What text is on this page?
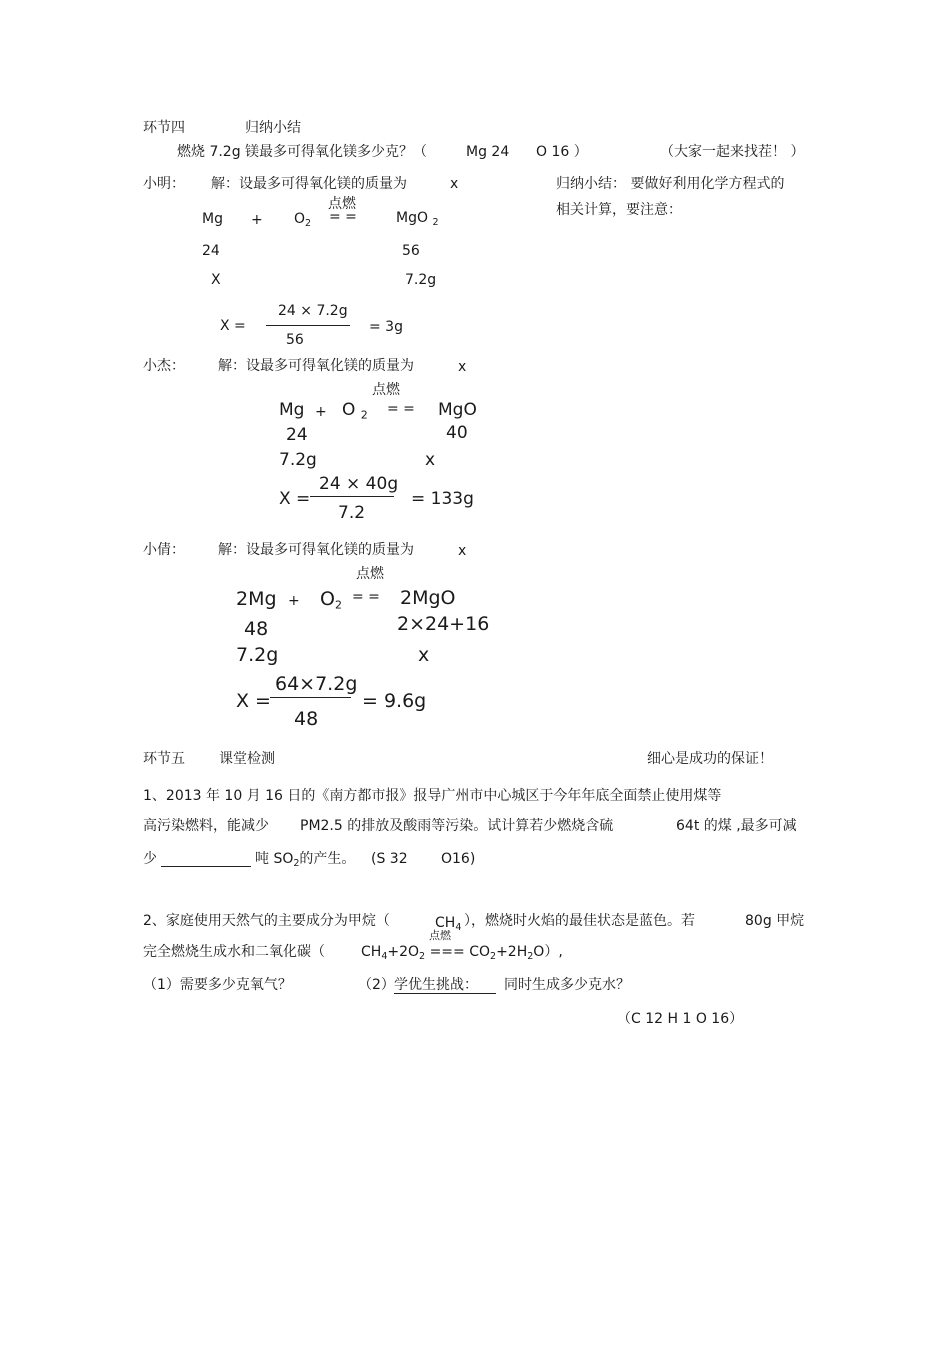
环节四	归纳小结
燃烧 7.2g 镁最多可得氧化镁多少克？（	Mg 24 O 16 ）	（大家一起来找茬！ ）
归纳小结： 要做好利用化学方程式的
相关计算，要注意：
小明： 解：设最多可得氧化镁的质量为	x
点燃
$Mg + O_2$ = =	MgO $_2$
24	56
X	7.2g
X =
24 × 7.2g
56
= 3g
小杰： 解：设最多可得氧化镁的质量为	x
点燃
Mg + O $_2$ = = MgO
24	40
7.2g	x
X =
24 × 40g
7.2
= 133g
小倩： 解：设最多可得氧化镁的质量为	x
点燃
$2Mg + O_2$ = = 2MgO
48	2×24+16
7.2g	x
X =
64×7.2g
48
= 9.6g
环节五 课堂检测	细心是成功的保证！
1、2013 年 10 月 16 日的《南方都市报》报导广州市中心城区于今年年底全面禁止使用煤等
高污染燃料，能减少 PM2.5 的排放及酸雨等污染。试计算若少燃烧含硫	64t 的煤 ,最多可减
少	吨 $SO_2$的产生。 (S 32 O16)
2、家庭使用天然气的主要成分为甲烷（	$CH_4$ ），燃烧时火焰的最佳状态是蓝色。若	80g 甲烷
完全燃烧生成水和二氧化碳（
点燃
$CH_4+2O_2$ === $CO_2+2H_2O$）,
（1）需要多少克氧气？	（2） 学优生挑战： 同时生成多少克水？
（C 12 H 1 O 16）
